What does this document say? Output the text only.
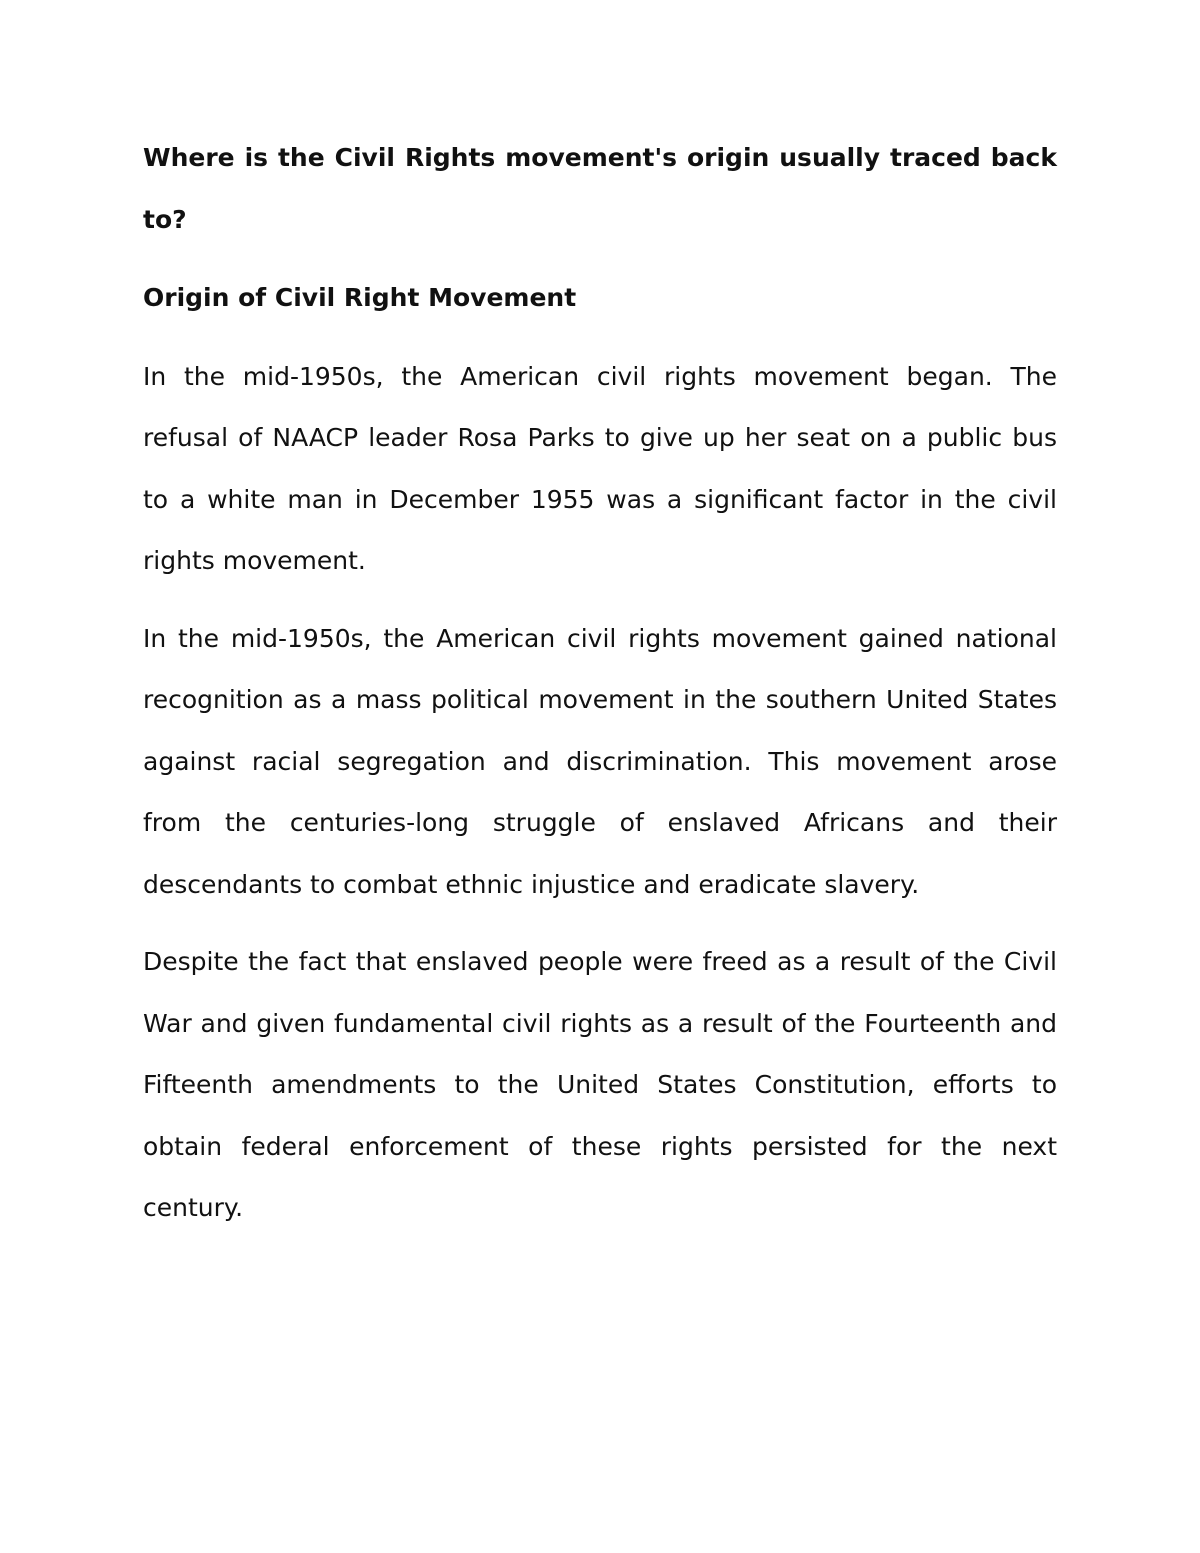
Where is the Civil Rights movement's origin usually traced back to?

Origin of Civil Right Movement

In the mid-1950s, the American civil rights movement began. The refusal of NAACP leader Rosa Parks to give up her seat on a public bus to a white man in December 1955 was a significant factor in the civil rights movement.

In the mid-1950s, the American civil rights movement gained national recognition as a mass political movement in the southern United States against racial segregation and discrimination. This movement arose from the centuries-long struggle of enslaved Africans and their descendants to combat ethnic injustice and eradicate slavery.

Despite the fact that enslaved people were freed as a result of the Civil War and given fundamental civil rights as a result of the Fourteenth and Fifteenth amendments to the United States Constitution, efforts to obtain federal enforcement of these rights persisted for the next century.
